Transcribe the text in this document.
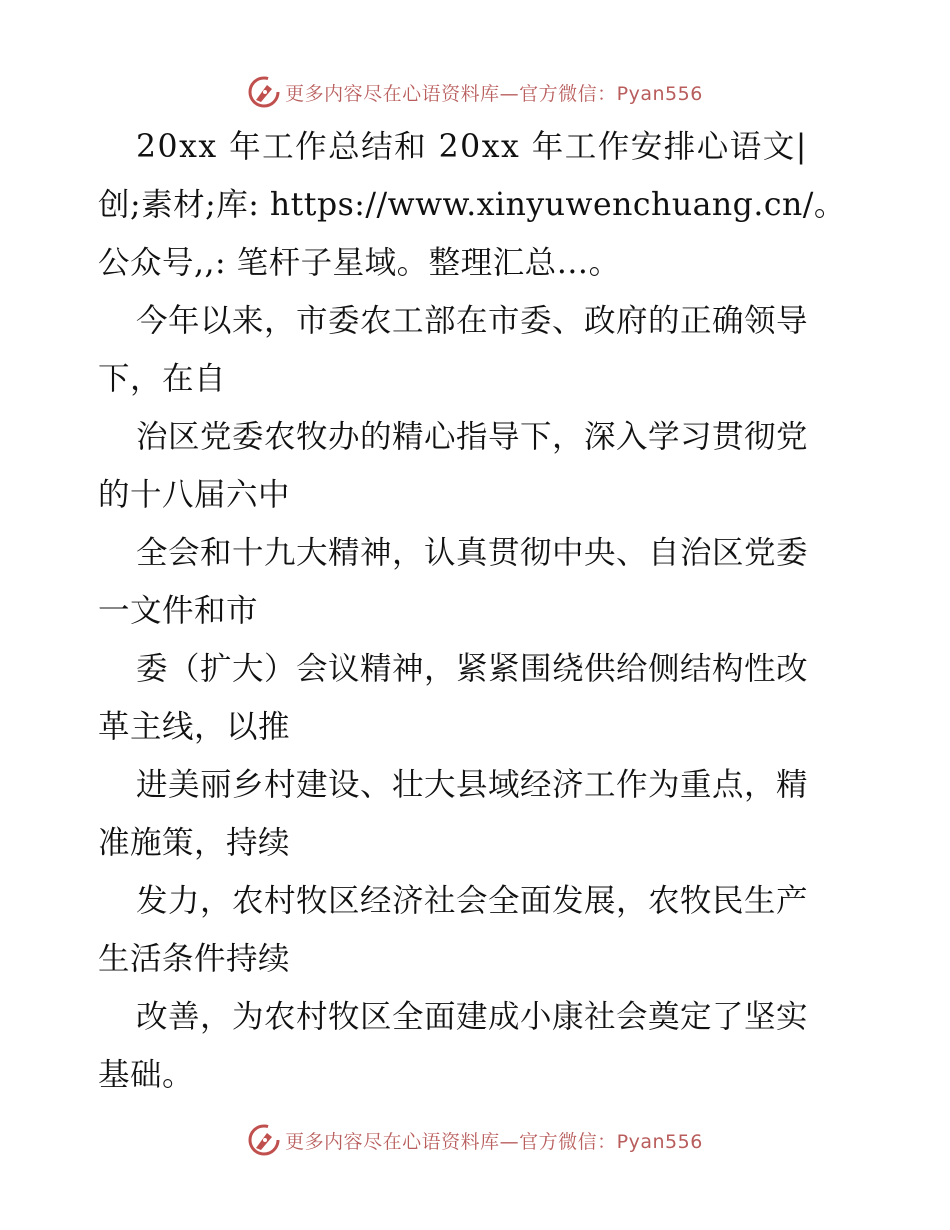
更多内容尽在心语资料库—官方微信：Pyan556
20xx 年工作总结和 20xx 年工作安排心语文|
创;素材;库: https://www.xinyuwenchuang.cn/。
公众号,,: 笔杆子星域。整理汇总…。
今年以来，市委农工部在市委、政府的正确领导
下，在自
治区党委农牧办的精心指导下，深入学习贯彻党
的十八届六中
全会和十九大精神，认真贯彻中央、自治区党委
一文件和市
委（扩大）会议精神，紧紧围绕供给侧结构性改
革主线，以推
进美丽乡村建设、壮大县域经济工作为重点，精
准施策，持续
发力，农村牧区经济社会全面发展，农牧民生产
生活条件持续
改善，为农村牧区全面建成小康社会奠定了坚实
基础。
更多内容尽在心语资料库—官方微信：Pyan556
